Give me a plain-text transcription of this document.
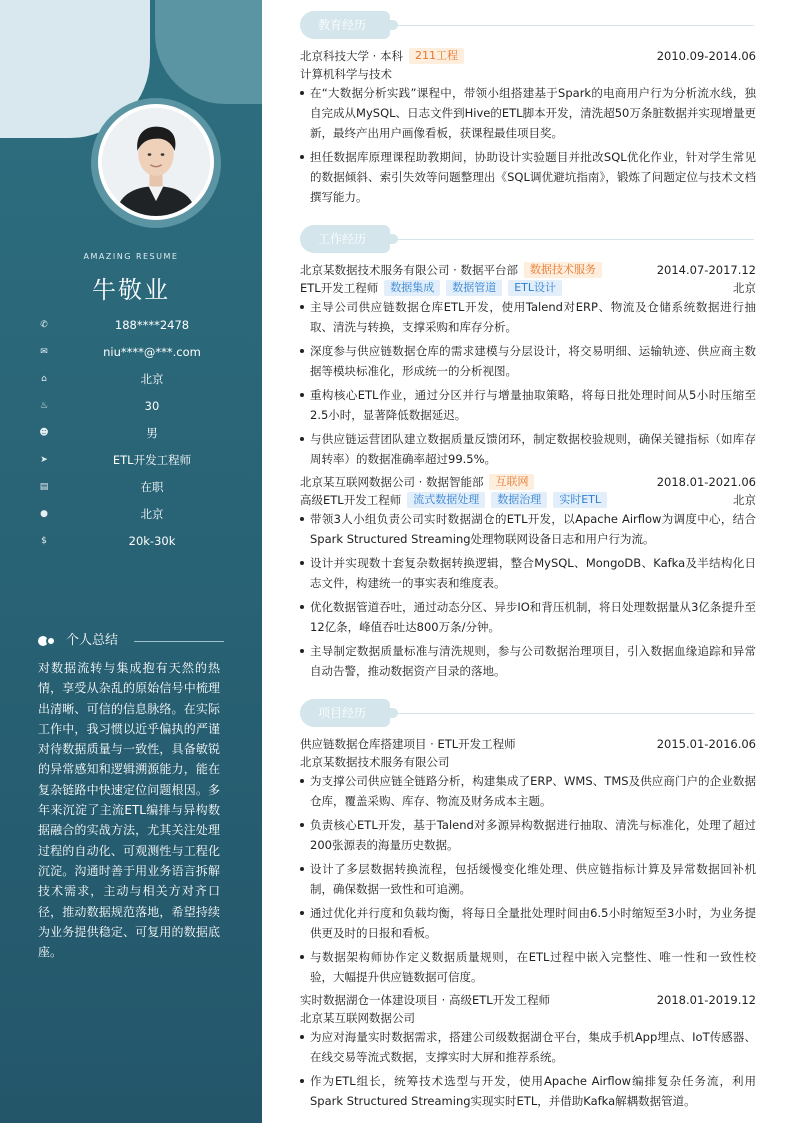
AMAZING RESUME
牛敬业
✆	188****2478
✉	niu****@***.com
⌂	北京
♨	30
☻	男
➤	ETL开发工程师
▤	在职
●	北京
$	20k-30k
个人总结
对数据流转与集成抱有天然的热情，享受从杂乱的原始信号中梳理出清晰、可信的信息脉络。在实际工作中，我习惯以近乎偏执的严谨对待数据质量与一致性，具备敏锐的异常感知和逻辑溯源能力，能在复杂链路中快速定位问题根因。多年来沉淀了主流ETL编排与异构数据融合的实战方法，尤其关注处理过程的自动化、可观测性与工程化沉淀。沟通时善于用业务语言拆解技术需求，主动与相关方对齐口径，推动数据规范落地，希望持续为业务提供稳定、可复用的数据底座。
教育经历
北京科技大学 · 本科 211工程	2010.09-2014.06
计算机科学与技术
在“大数据分析实践”课程中，带领小组搭建基于Spark的电商用户行为分析流水线，独自完成从MySQL、日志文件到Hive的ETL脚本开发，清洗超50万条脏数据并实现增量更新，最终产出用户画像看板，获课程最佳项目奖。
担任数据库原理课程助教期间，协助设计实验题目并批改SQL优化作业，针对学生常见的数据倾斜、索引失效等问题整理出《SQL调优避坑指南》，锻炼了问题定位与技术文档撰写能力。
工作经历
北京某数据技术服务有限公司 · 数据平台部 数据技术服务	2014.07-2017.12
ETL开发工程师 数据集成 数据管道 ETL设计	北京
主导公司供应链数据仓库ETL开发，使用Talend对ERP、物流及仓储系统数据进行抽取、清洗与转换，支撑采购和库存分析。
深度参与供应链数据仓库的需求建模与分层设计，将交易明细、运输轨迹、供应商主数据等模块标准化，形成统一的分析视图。
重构核心ETL作业，通过分区并行与增量抽取策略，将每日批处理时间从5小时压缩至2.5小时，显著降低数据延迟。
与供应链运营团队建立数据质量反馈闭环，制定数据校验规则，确保关键指标（如库存周转率）的数据准确率超过99.5%。
北京某互联网数据公司 · 数据智能部 互联网	2018.01-2021.06
高级ETL开发工程师 流式数据处理 数据治理 实时ETL	北京
带领3人小组负责公司实时数据湖仓的ETL开发，以Apache Airflow为调度中心，结合Spark Structured Streaming处理物联网设备日志和用户行为流。
设计并实现数十套复杂数据转换逻辑，整合MySQL、MongoDB、Kafka及半结构化日志文件，构建统一的事实表和维度表。
优化数据管道吞吐，通过动态分区、异步IO和背压机制，将日处理数据量从3亿条提升至12亿条，峰值吞吐达800万条/分钟。
主导制定数据质量标准与清洗规则，参与公司数据治理项目，引入数据血缘追踪和异常自动告警，推动数据资产目录的落地。
项目经历
供应链数据仓库搭建项目 · ETL开发工程师	2015.01-2016.06
北京某数据技术服务有限公司
为支撑公司供应链全链路分析，构建集成了ERP、WMS、TMS及供应商门户的企业数据仓库，覆盖采购、库存、物流及财务成本主题。
负责核心ETL开发，基于Talend对多源异构数据进行抽取、清洗与标准化，处理了超过200张源表的海量历史数据。
设计了多层数据转换流程，包括缓慢变化维处理、供应链指标计算及异常数据回补机制，确保数据一致性和可追溯。
通过优化并行度和负载均衡，将每日全量批处理时间由6.5小时缩短至3小时，为业务提供更及时的日报和看板。
与数据架构师协作定义数据质量规则，在ETL过程中嵌入完整性、唯一性和一致性校验，大幅提升供应链数据可信度。
实时数据湖仓一体建设项目 · 高级ETL开发工程师	2018.01-2019.12
北京某互联网数据公司
为应对海量实时数据需求，搭建公司级数据湖仓平台，集成手机App埋点、IoT传感器、在线交易等流式数据，支撑实时大屏和推荐系统。
作为ETL组长，统筹技术选型与开发，使用Apache Airflow编排复杂任务流，利用Spark Structured Streaming实现实时ETL，并借助Kafka解耦数据管道。
